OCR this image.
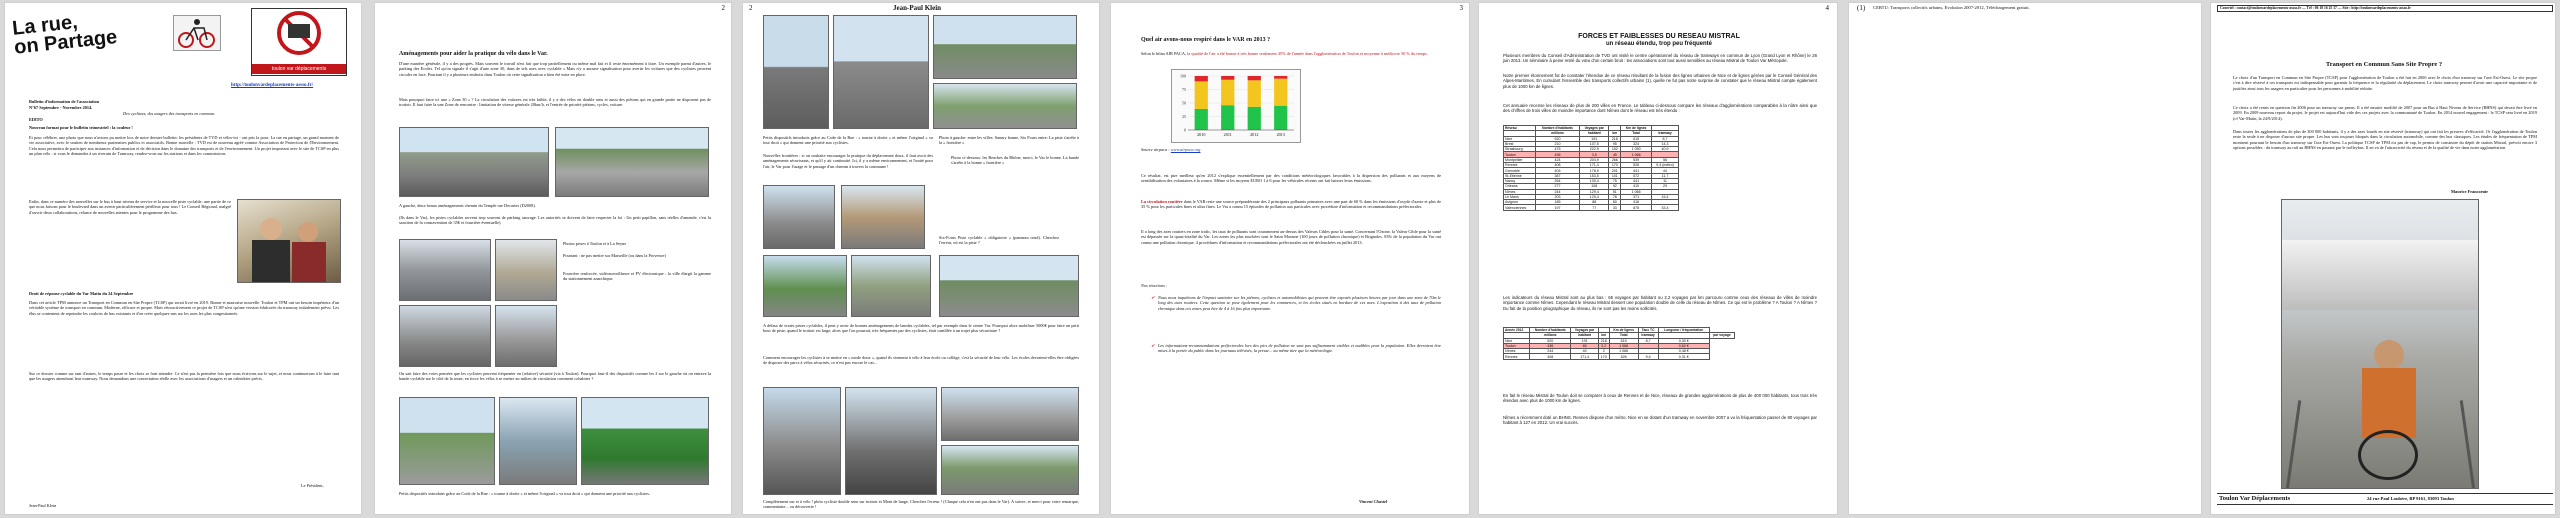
La rue,
on Partage
toulon var déplacements
http://toulonvardeplacements-assso.fr/
Bulletin d'information de l'association
N°67 Septembre - Novembre 2014.
Des cyclistes, des usagers des transports en commun.
EDITO
Nouveau format pour le bulletin trimestriel : la couleur !
Et pour célébrer, une photo que nous n'avions pu mettre lors de notre dernier bulletin: les présidents de TVD et vélos-toi - ont pris la pose. La rue en partage, un grand moment de vie associative, avec le soutien de nombreux partenaires publics et associatifs. Bonne nouvelle : TVD est de nouveau agréé comme Association de Protection de l'Environnement. Cela nous permettra de participer aux instances d'information et de décision dans le domaine des transports et de l'environnement. Un projet important avec le site de TCSP en plus un plan vélo : si vous le demandez à un riverain de Tramway, rendez-vous sur les stations et dans les commissions.
Enfin, dans ce numéro des nouvelles sur le bus à haut niveau de service et la nouvelle piste cyclable, une partie de ce que nous faisons pour le boulevard dans un avenir particulièrement périlleux pour tous ! Le Conseil Régional, malgré d'ouvrir deux collaborations, relance de nouvelles attentes pour le programme des bus.
Droit de réponse cyclable du Var Matin du 24 Septembre
Dans cet article TPM annonce un Transport en Commun en Site Propre (TCSP) qui serait livré en 2019. Bonne et mauvaise nouvelle. Toulon et TPM ont un besoin impérieux d'un véritable système de transport en commun. Moderne, efficace et propre. Mais rétroactivement ce projet de TCSP n'est qu'une version édulcorée du tramway initialement prévu. Les élus se contentent de repeindre les couloirs de bus existants et d'en créer quelques-uns sur les axes les plus congestionnés.
Sur ce dossier comme sur tant d'autres, le temps passe et les choix se font attendre. Ce n'est pas la première fois que nous écrivons sur le sujet, et nous continuerons à le faire tant que les usagers attendront leur tramway. Nous demandons une concertation réelle avec les associations d'usagers et un calendrier précis.
Le Président,
Jean-Paul Klein
2
Aménagements pour aider la pratique du vélo dans le Var.
D'une manière générale, il y a des progrès. Mais souvent le travail n'est fait que trop partiellement ou même mal fait et il reste énormément à faire. Un exemple parmi d'autres, le parking des Ecoles. Tel qu'on signale il s'agit d'une zone 30, dans de tels axes avec cyclable « Mais n'y a aucune signalisation pour avertir les voitures que des cyclistes peuvent circuler en face. Pourtant il y a plusieurs endroits dans Toulon où cette signalisation a bien été mise en place.
Mais pourquoi faire ici une « Zone 30 » ? La circulation des voitures est très faible, il y a des vélos en double sens et aussi des piétons qui en grande partie ne disposent pas de trottoir. Il faut faire la une Zone de rencontre : limitation de vitesse générale 20km/h, et l'entrée de priorité piétons, cycles, voiture.
A gauche, deux beaux aménagements chemin du Temple rue Decartes (D2008).
(Ils dans le Var), les pistes cyclables servent trop souvent de parking sauvage. Les autorités se doivent de faire respecter la loi : Un petit papillon, sans réelles d'amende, c'est la sanction de la contravention de 35€ et fourrière éventuelle).
Photos prises à Toulon et à La Seyne
Pourtant : ne pas mettre sur Marseille (ou dans la Provence)
Fourrière renforcée, vidéosurveillance et PV électronique : la ville élargit la gamme du stationnement anarchique.
On sait faire des voies pensées que les cyclistes peuvent fréquenter en (relative) sécurité (via à Toulon). Pourquoi faut-il des dispositifs comme les 2 sur le gauche où on entrave la bande cyclable sur le côté de la route, en force les vélos à se mettre au milieu de circulation comment cohabiter ?
Petits dispositifs introduits grâce au Code de la Rue : « tourne à droite » et même l'original « va tout droit » qui donnent une priorité aux cyclistes.
2	Jean-Paul Klein
Petits dispositifs introduits grâce au Code de la Rue : « tourne à droite » et même l'original « va tout droit » qui donnent une priorité aux cyclistes.
Nouvelles frontières : si on souhaite encourager la pratique du déplacement doux, il faut avoir des aménagements sécurisants, et qu'il y ait continuité. Ici, il y a même environnement, et l'unité pour l'air, le Var pour l'usage et le passage d'un chemin à travers la commune !
Photo à gauche: entre les villes: Sanary bonne, Six Fours entre: La piste s'arrête à la « frontière »
Photo ci-dessous: les Beaches du Rhône, merci, le Var le bonne. La bande s'arrête à la bonne « frontière »
Six-Fours Piste cyclable « obligatoire » (panneau rond). Cherchez l'erreur, où est la piste ?
A défaut de vraies pistes cyclables, il peut y avoir de bonnes aménagements de bandes cyclables, tel par exemple dans le centre Var. Pourquoi alors mobiliser 5000€ pour faire un petit bout de piste, quand le trottoir est large, alors que l'on pourrait, très fréquentes par des cyclistes, était cantillée à un trajet plus sécuritaire ?
Comment encourager les cyclistes à se mettre en « mode doux », quand ils viennent à vélo à leur école ou collège, c'est la sécurité de leur vélo. Les écoles devraient-elles être obligées de disposer des parcs à vélos sécurisés, ce n'est pas encore le cas...
Complètement sur et à vélo ! plein cycliste double sens sur trottoir et Mont de lange. Cherchez l'erreur ! (Chaque cela n'en ont pas dans le Var). A suivre, et merci pour votre remarque, commentaire... ou découverte !
3
Quel air avons-nous respiré dans le VAR en 2013 ?
Selon le bilan AIR PACA, la qualité de l'air a été bonne à très bonne seulement 45% de l'année dans l'agglomération de Toulon et moyenne à médiocre 50 % du temps.
0
25
50
75
100
2010	2011	2012	2013
Source airpaca : www.airpaca.org
Ce résultat, est pire meilleur qu'en 2012 s'explique essentiellement par des conditions météorologiques favorables à la dispersion des polluants et aux moyens de sensibilisation des volontaires à la source. Même si les moyens EURO 1 à 6 pour les véhicules récents ont fait baisser leurs émissions.
La circulation routière dans le VAR reste une source prépondérante des 2 principaux polluants primaires avec une part de 60 % dans les émissions d'oxyde d'azote et plus de 35 % pour les particules fines et ultra fines. Le Var a connu 15 épisodes de pollution aux particules avec procédure d'information et recommandations préfectorales.
Il a long des axes routiers en zone trafic, les taux de polluants sont couramment au-dessus des Valeurs Cibles pour la santé. Concernant l'Ozone, la Valeur Cible pour la santé est dépassée sur la quasi-totalité du Var. Les zones les plus touchées sont le Saint Maxime (100 jours de pollution chronique) et Brignoles. 83% de la population du Var ont connu une pollution chronique. 4 procédures d'information et recommandations préfectorales ont été déclenchées en juillet 2013.
Nos réactions :
✔ Nous nous inquiétons de l'impact sanitaire sur les piétons, cyclistes et automobilistes qui peuvent être exposés plusieurs heures par jour dans une zone de 70m le long des axes routiers. Cette question se pose également pour les commerces, et les écoles situés en bordure de ces axes. L'exposition à des taux de pollution chronique dans ces zones peut être de 4 à 16 fois plus importante.
✔ Les informations-recommandations préfectorales lors des pics de pollution ne sont pas suffisamment visibles et audibles pour la population. Elles devraient être mises à la portée du public dans les journaux télévisés, la presse... au même titre que la météorologie.
Vincent Chastel
4
FORCES ET FAIBLESSES DU RESEAU MISTRAL
un réseau étendu, trop peu fréquenté
Plusieurs membres du Conseil d'Administration de TVD ont visité le centre opérationnel du réseau de tramways en commun de Lyon (Grand Lyon et Rhône) le 26 juin 2013. Un séminaire à peine retiré du vœu d'un certain bruit : les associations sont tout aussi sensibles au réseau Mistral de Toulon Var Métropole.
Notre premier étonnement fut de constater l'étendue de ce réseau résultant de la fusion des lignes urbaines de Nice et de lignes gérées par le Conseil Général des Alpes-Maritimes. En cumulant l'ensemble des transports collectifs urbains (1), quelle ne fut pas notre surprise de constater que le réseau Mistral compte également plus de 1000 km de lignes.
Cet annuaire recense les réseaux de plus de 200 villes en France. Le tableau ci-dessous compare les réseaux d'agglomérations comparables à la nôtre ainsi que des chiffres de trois villes de moindre importance dont Nîmes dont le réseau est très étendu :
Réseau	Nombre d'habitants	Voyages par		Km de lignes	
	millions	habitant	km	Total	tramway
Nice	520	191	218	615	8,7
Brest	210	107,5	95	324	14,3
Strasbourg	475	222,9	152	1 050	40,9
Toulon	436	3,5	45	1 066	
Montpellier	424	204,9	266	539	56
Rennes	408	171,4	170	526	9,4 (métro)
Grenoble	405	178,9	201	441	44
St-Etienne	387	153,5	101	572	11,7
Nancy	264	130,4	75	441	11
Orléans	277	108	92	410	29
Nîmes	244	129,4	51	1 066	
Le Mans	203	129,4	78	371	15,4
Avignon	185	88	60	416	
Valenciennes	197	77	33	875	33,4
Les indicateurs du réseau Mistral sont au plus bas : 65 voyages par habitant ou 2,2 voyages par km parcouru comme ceux des réseaux de villes de moindre importance comme Nîmes. Cependant le réseau Mistral dessert une population double de celle du réseau de Nîmes. Ce qui est le problème ? A Toulon ? A Nîmes ? Du fait de la position géographique du réseau, ils ne sont pas les moins sollicités.
Année 2012	Nombre d'habitants	Voyages par		Km de lignes	Taux TC	Longueur / fréquentation	
	millions	habitant	km	Total	tramway		par voyage
Nice	520	191	218	615	8,7	0,30 €	
Toulon	436	65	2,2	1 066		0,62 €	
Nîmes	244	40	2	1 066		0,48 €	
Rennes	408	171,4	170	526	9,4	0,31 €	
En fait le réseau Mistral de Toulon doit se comparer à ceux de Rennes et de Nice, réseaux de grandes agglomérations de plus de 400 000 habitants, tous trois très étendus avec plus de 1000 km de lignes.
Nîmes a récemment doté un BHNS. Rennes dispose d'un métro. Nice en se dotant d'un tramway en novembre 2007 a vu la fréquentation passer de 80 voyages par habitant à 127 en 2012. Un vrai succès.
(1) CERTU: Transports collectifs urbains, Evolution 2007-2012, Téléchargement gratuit.	Courriel : contact@toulonvardeplacements-assso.fr — Tél : 06 18 16 25 37 — Site : http://toulonvardeplacements-assso.fr
Transport en Commun Sans Site Propre ?
Le choix d'un Transport en Commun en Site Propre (TCSP) pour l'agglomération de Toulon a été fait en 2006 avec le choix d'un tramway sur l'axe Est-Ouest. Le site propre c'est à dire réservé à ces transports est indispensable pour garantir la fréquence et la régularité du déplacement. Le choix tramway permet d'avoir une capacité importante et de justifier ainsi tous les usagers en particulier pour les personnes à mobilité réduite.
Ce choix a été remis en question fin 2006 pour un tramway sur pneus. Il a été ensuite modifié de 2007 pour un Bus à Haut Niveau de Service (BHNS) qui devait être livré en 2009. En 2009 nouveau report du projet, le projet est aujourd'hui vide des ces projets avec la communauté de Toulon. En 2014 nouvel engagement : le TCSP sera livré en 2019 (cf Var-Matin, la 24/9/2014).
Dans toutes les agglomérations de plus de 300 000 habitants, il y a des axes lourds en site réservé (tramway) qui ont fait les preuves d'efficacité. Or l'agglomération de Toulon reste la seule à ne disposer d'aucun site propre. Les bus sont toujours bloqués dans la circulation automobile, comme des bus classiques. Les études de fréquentation de TPM montrent pourtant le besoin d'un tramway sur l'axe Est-Ouest. La politique TCSP de TPM n'a pas de cap, le permis de construire du dépôt de station Mistral, prévoit encore 3 options possibles : du tramway au rail au BHNS en passant par le trolleybus. Il en va de l'attractivité du réseau et de la qualité de vie dans notre agglomération.
Maurice Francoeuir
Toulon Var Déplacements	24 rue Paul Loubère, BP 9161, 83093 Toulon
